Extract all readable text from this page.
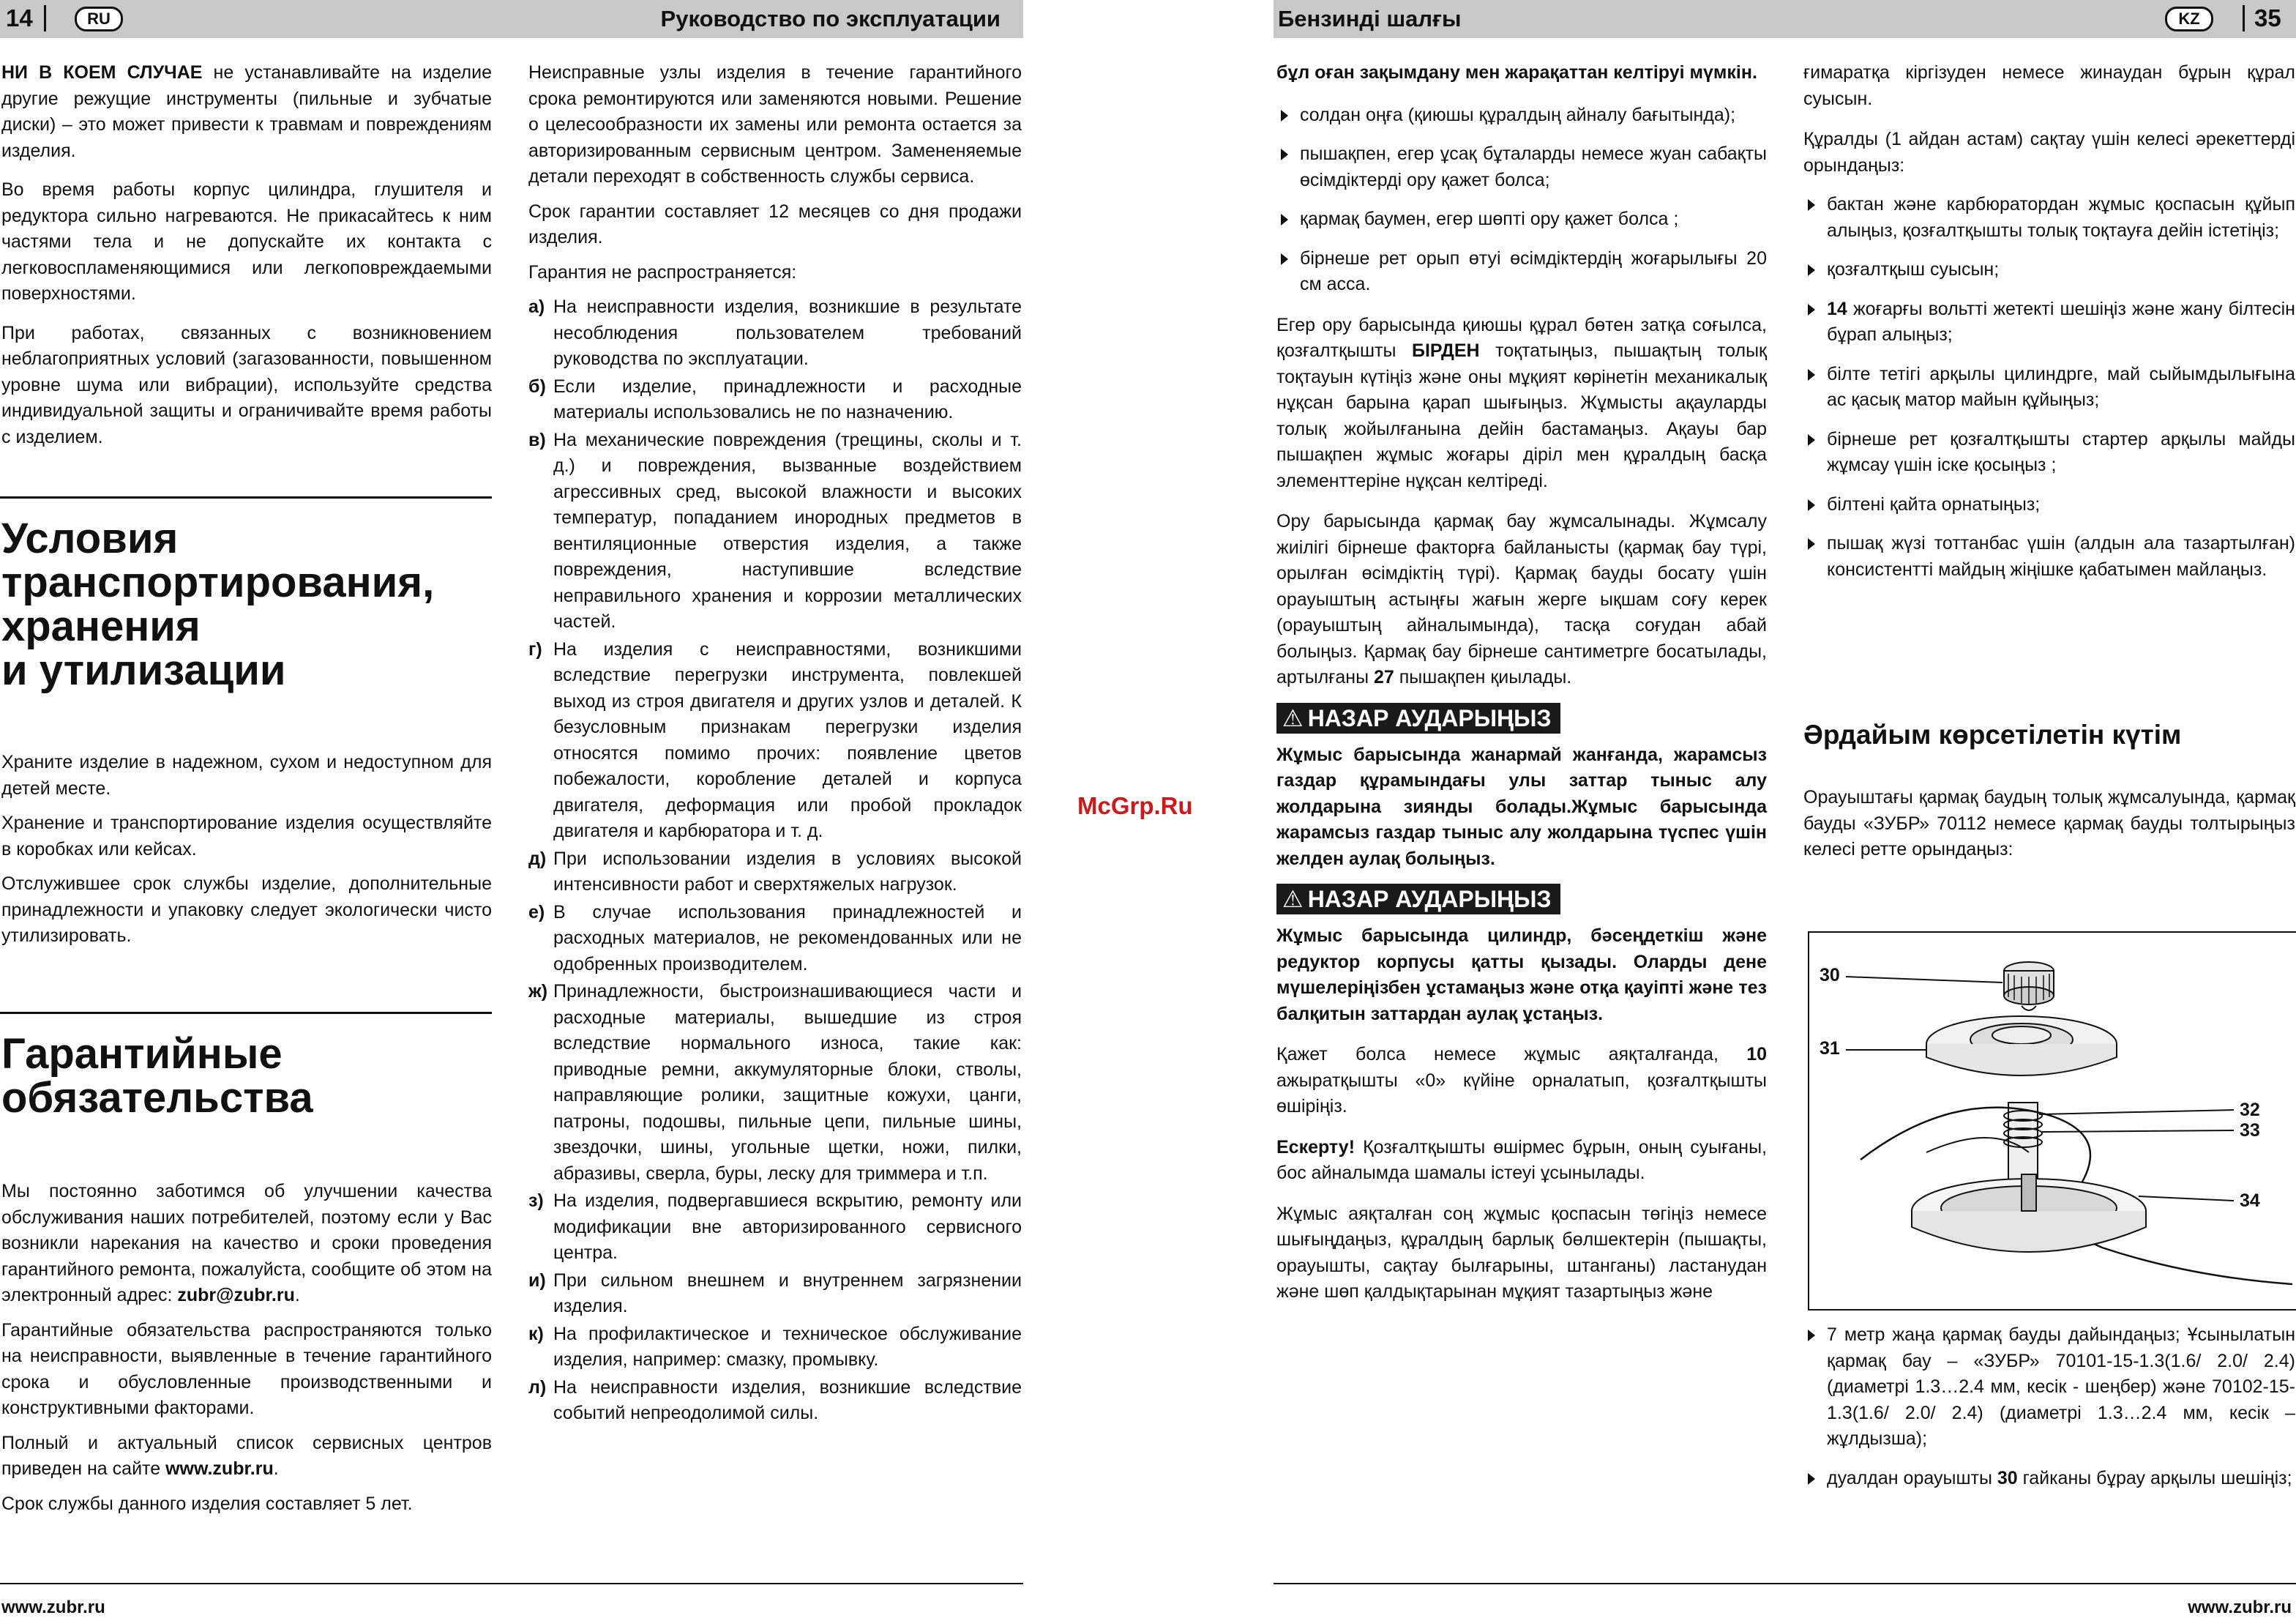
14	RU	Руководство по эксплуатации

НИ В КОЕМ СЛУЧАЕ не устанавливайте на изделие другие режущие инструменты (пильные и зубчатые диски) – это может привести к травмам и повреждениям изделия.

Во время работы корпус цилиндра, глушителя и редуктора сильно нагреваются. Не прикасайтесь к ним частями тела и не допускайте их контакта с легковоспламеняющимися или легкоповреждаемыми поверхностями.

При работах, связанных с возникновением неблагоприятных условий (загазованности, повышенном уровне шума или вибрации), используйте средства индивидуальной защиты и ограничивайте время работы с изделием.

Условия
транспортирования,
хранения
и утилизации

Храните изделие в надежном, сухом и недоступном для детей месте.

Хранение и транспортирование изделия осуществляйте в коробках или кейсах.

Отслужившее срок службы изделие, дополнительные принадлежности и упаковку следует экологически чисто утилизировать.

Гарантийные
обязательства

Мы постоянно заботимся об улучшении качества обслуживания наших потребителей, поэтому если у Вас возникли нарекания на качество и сроки проведения гарантийного ремонта, пожалуйста, сообщите об этом на электронный адрес: zubr@zubr.ru.

Гарантийные обязательства распространяются только на неисправности, выявленные в течение гарантийного срока и обусловленные производственными и конструктивными факторами.

Полный и актуальный список сервисных центров приведен на сайте www.zubr.ru.

Срок службы данного изделия составляет 5 лет.

Неисправные узлы изделия в течение гарантийного срока ремонтируются или заменяются новыми. Решение о целесообразности их замены или ремонта остается за авторизированным сервисным центром. Замененяемые детали переходят в собственность службы сервиса.

Срок гарантии составляет 12 месяцев со дня продажи изделия.

Гарантия не распространяется:

а) На неисправности изделия, возникшие в результате несоблюдения пользователем требований руководства по эксплуатации.
б) Если изделие, принадлежности и расходные материалы использовались не по назначению.
в) На механические повреждения (трещины, сколы и т. д.) и повреждения, вызванные воздействием агрессивных сред, высокой влажности и высоких температур, попаданием инородных предметов в вентиляционные отверстия изделия, а также повреждения, наступившие вследствие неправильного хранения и коррозии металлических частей.
г) На изделия с неисправностями, возникшими вследствие перегрузки инструмента, повлекшей выход из строя двигателя и других узлов и деталей. К безусловным признакам перегрузки изделия относятся помимо прочих: появление цветов побежалости, коробление деталей и корпуса двигателя, деформация или пробой прокладок двигателя и карбюратора и т. д.
д) При использовании изделия в условиях высокой интенсивности работ и сверхтяжелых нагрузок.
е) В случае использования принадлежностей и расходных материалов, не рекомендованных или не одобренных производителем.
ж) Принадлежности, быстроизнашивающиеся части и расходные материалы, вышедшие из строя вследствие нормального износа, такие как: приводные ремни, аккумуляторные блоки, стволы, направляющие ролики, защитные кожухи, цанги, патроны, подошвы, пильные цепи, пильные шины, звездочки, шины, угольные щетки, ножи, пилки, абразивы, сверла, буры, леску для триммера и т.п.
з) На изделия, подвергавшиеся вскрытию, ремонту или модификации вне авторизированного сервисного центра.
и) При сильном внешнем и внутреннем загрязнении изделия.
к) На профилактическое и техническое обслуживание изделия, например: смазку, промывку.
л) На неисправности изделия, возникшие вследствие событий непреодолимой силы.
www.zubr.ru
McGrp.Ru
Бензинді шалғы	KZ	35

бұл оған зақымдану мен жарақаттан келтіруі мүмкін.

солдан оңға (қиюшы құралдың айналу бағытында);
пышақпен, егер ұсақ бұталарды немесе жуан сабақты өсімдіктерді ору қажет болса;
қармақ баумен, егер шөпті ору қажет болса ;
бірнеше рет орып өтуі өсімдіктердің жоғарылығы 20 см асса.

Егер ору барысында қиюшы құрал бөтен затқа соғылса, қозғалтқышты БІРДЕН тоқтатыңыз, пышақтың толық тоқтауын күтіңіз және оны мұқият көрінетін механикалық нұқсан барына қарап шығыңыз. Жұмысты ақауларды толық жойылғанына дейін бастамаңыз. Ақауы бар пышақпен жұмыс жоғары діріл мен құралдың басқа элементтеріне нұқсан келтіреді.

Ору барысында қармақ бау жұмсалынады. Жұмсалу жиілігі бірнеше факторға байланысты (қармақ бау түрі, орылған өсімдіктің түрі). Қармақ бауды босату үшін орауыштың астыңғы жағын жерге ықшам соғу керек (орауыштың айналымында), тасқа соғудан абай болыңыз. Қармақ бау бірнеше сантиметрге босатылады, артылғаны 27 пышақпен қиылады.

⚠ НАЗАР АУДАРЫҢЫЗ

Жұмыс барысында жанармай жанғанда, жарамсыз газдар құрамындағы улы заттар тыныс алу жолдарына зиянды болады.Жұмыс барысында жарамсыз газдар тыныс алу жолдарына түспес үшін желден аулақ болыңыз.

⚠ НАЗАР АУДАРЫҢЫЗ

Жұмыс барысында цилиндр, бәсеңдеткіш және редуктор корпусы қатты қызады. Оларды дене мүшелеріңізбен ұстамаңыз және отқа қауіпті және тез балқитын заттардан аулақ ұстаңыз.

Қажет болса немесе жұмыс аяқталғанда, 10 ажыратқышты «0» күйіне орналатып, қозғалтқышты өшіріңіз.

Ескерту! Қозғалтқышты өшірмес бұрын, оның суығаны, бос айналымда шамалы істеуі ұсынылады.

Жұмыс аяқталған соң жұмыс қоспасын төгіңіз немесе шығыңдаңыз, құралдың барлық бөлшектерін (пышақты, орауышты, сақтау былғарыны, штанганы) ластанудан және шөп қалдықтарынан мұқият тазартыңыз және

ғимаратқа кіргізуден немесе жинаудан бұрын құрал суысын.

Құралды (1 айдан астам) сақтау үшін келесі әрекеттерді орындаңыз:

бактан және карбюратордан жұмыс қоспасын құйып алыңыз, қозғалтқышты толық тоқтауға дейін істетіңіз;
қозғалтқыш суысын;
14 жоғарғы вольтті жетекті шешіңіз және жану білтесін бұрап алыңыз;
білте тетігі арқылы цилиндрге, май сыйымдылығына ас қасық матор майын құйыңыз;
бірнеше рет қозғалтқышты стартер арқылы майды жұмсау үшін іске қосыңыз ;
білтені қайта орнатыңыз;
пышақ жүзі тоттанбас үшін (алдын ала тазартылған) консистентті майдың жіңішке қабатымен майлаңыз.
Әрдайым көрсетілетін күтім

Орауыштағы қармақ баудың толық жұмсалуында, қармақ бауды «ЗУБР» 70112 немесе қармақ бауды толтырыңыз келесі ретте орындаңыз:

30
31
32
33
34
7 метр жаңа қармақ бауды дайындаңыз; Ұсынылатын қармақ бау – «ЗУБР» 70101-15-1.3(1.6/ 2.0/ 2.4) (диаметрі 1.3…2.4 мм, кесік - шеңбер) және 70102-15-1.3(1.6/ 2.0/ 2.4) (диаметрі 1.3…2.4 мм, кесік – жұлдызша);
дуалдан орауышты 30 гайканы бұрау арқылы шешіңіз;
www.zubr.ru
